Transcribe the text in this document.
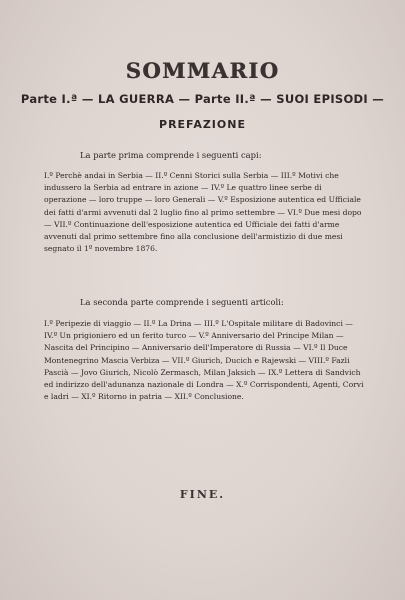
SOMMARIO
Parte I.ª — LA GUERRA — Parte II.ª — SUOI EPISODI —
PREFAZIONE
La parte prima comprende i seguenti capi:
I.º Perchè andai in Serbia — II.º Cenni Storici sulla Serbia — III.º Motivi che indussero la Serbia ad entrare in azione — IV.º Le quattro linee serbe di operazione — loro truppe — loro Generali — V.º Esposizione autentica ed Ufficiale dei fatti d'armi avvenuti dal 2 luglio fino al primo settembre — VI.º Due mesi dopo — VII.º Continuazione dell'esposizione autentica ed Ufficiale dei fatti d'arme avvenuti dal primo settembre fino alla conclusione dell'armistizio di due mesi segnato il 1º novembre 1876.
La seconda parte comprende i seguenti articoli:
I.º Peripezie di viaggio — II.º La Drina — III.º L'Ospitale militare di Badovinci — IV.º Un prigioniero ed un ferito turco — V.º Anniversario del Principe Milan — Nascita del Principino — Anniversario dell'Imperatore di Russia — VI.º Il Duce Montenegrino Mascia Verbiza — VII.º Giurich, Ducich e Rajewski — VIII.º Fazli Pascià — Jovo Giurich, Nicolò Zermasch, Milan Jaksich — IX.º Lettera di Sandvich ed indirizzo dell'adunanza nazionale di Londra — X.º Corrispondenti, Agenti, Corvi e ladri — XI.º Ritorno in patria — XII.º Conclusione.
FINE.
